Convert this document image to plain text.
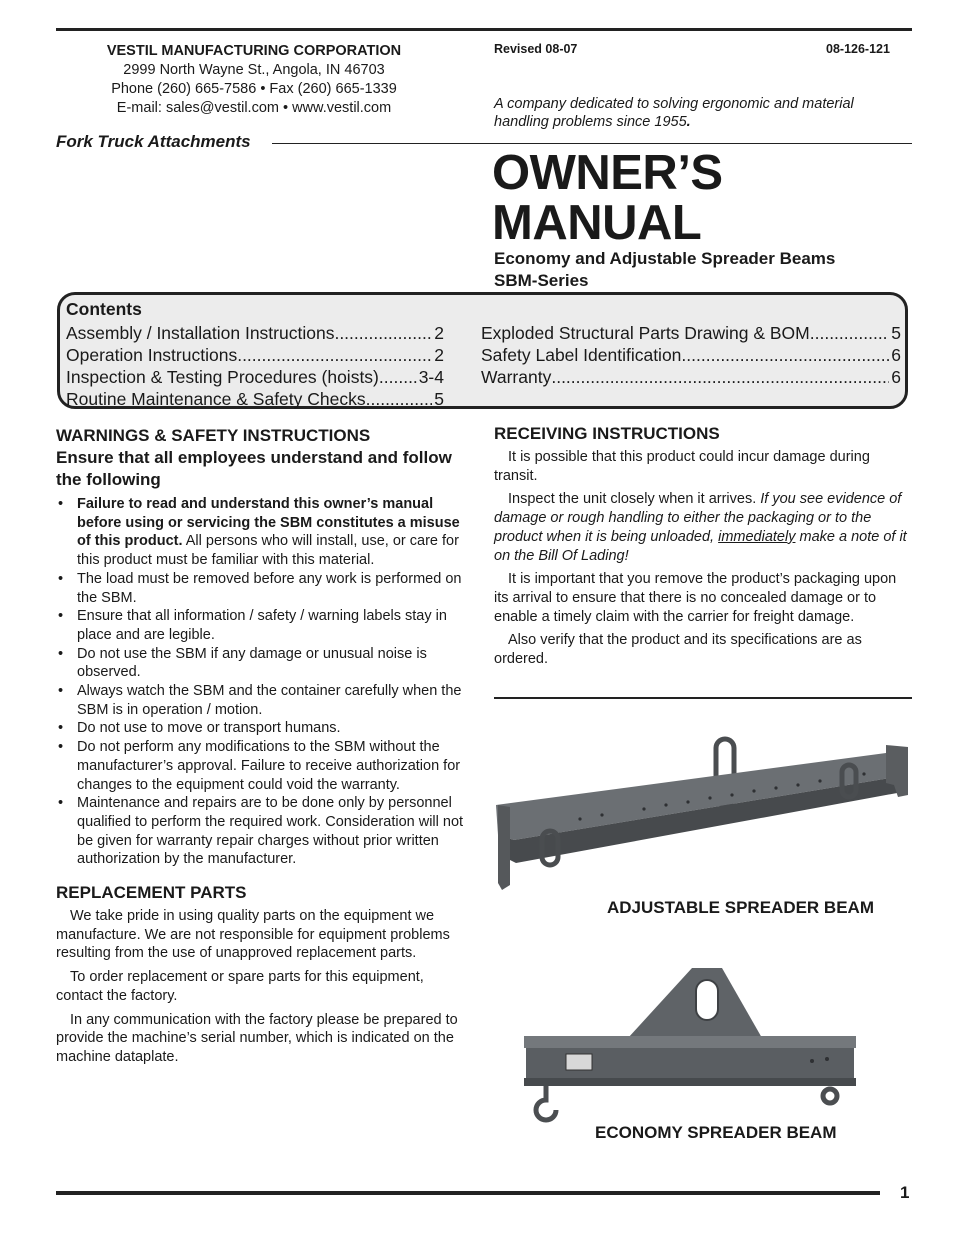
VESTIL MANUFACTURING CORPORATION
2999 North Wayne St., Angola, IN 46703
Phone (260) 665-7586 • Fax (260) 665-1339
E-mail: sales@vestil.com • www.vestil.com
Revised 08-07	08-126-121
A company dedicated to solving ergonomic and material handling problems since 1955.
Fork Truck Attachments
OWNER’S
MANUAL
Economy and Adjustable Spreader Beams
SBM-Series
Contents
Assembly / Installation Instructions .....	2
Operation Instructions .....	2
Inspection & Testing Procedures (hoists) ..... 3-4
Routine Maintenance & Safety Checks .....	5
Exploded Structural Parts Drawing & BOM .....	5
Safety Label Identification .....	6
Warranty .....	6
WARNINGS & SAFETY INSTRUCTIONS
Ensure that all employees understand and follow the following
• Failure to read and understand this owner’s manual before using or servicing the SBM constitutes a misuse of this product. All persons who will install, use, or care for this product must be familiar with this material.
• The load must be removed before any work is performed on the SBM.
• Ensure that all information / safety / warning labels stay in place and are legible.
• Do not use the SBM if any damage or unusual noise is observed.
• Always watch the SBM and the container carefully when the SBM is in operation / motion.
• Do not use to move or transport humans.
• Do not perform any modifications to the SBM without the manufacturer’s approval. Failure to receive authorization for changes to the equipment could void the warranty.
• Maintenance and repairs are to be done only by personnel qualified to perform the required work. Consideration will not be given for warranty repair charges without prior written authorization by the manufacturer.
REPLACEMENT PARTS

We take pride in using quality parts on the equipment we manufacture. We are not responsible for equipment problems resulting from the use of unapproved replacement parts.

To order replacement or spare parts for this equipment, contact the factory.

In any communication with the factory please be prepared to provide the machine’s serial number, which is indicated on the machine dataplate.

RECEIVING INSTRUCTIONS

It is possible that this product could incur damage during transit.

Inspect the unit closely when it arrives. If you see evidence of damage or rough handling to either the packaging or to the product when it is being unloaded, immediately make a note of it on the Bill Of Lading!

It is important that you remove the product’s packaging upon its arrival to ensure that there is no concealed damage or to enable a timely claim with the carrier for freight damage.

Also verify that the product and its specifications are as ordered.

ADJUSTABLE SPREADER BEAM
ECONOMY SPREADER BEAM
1
